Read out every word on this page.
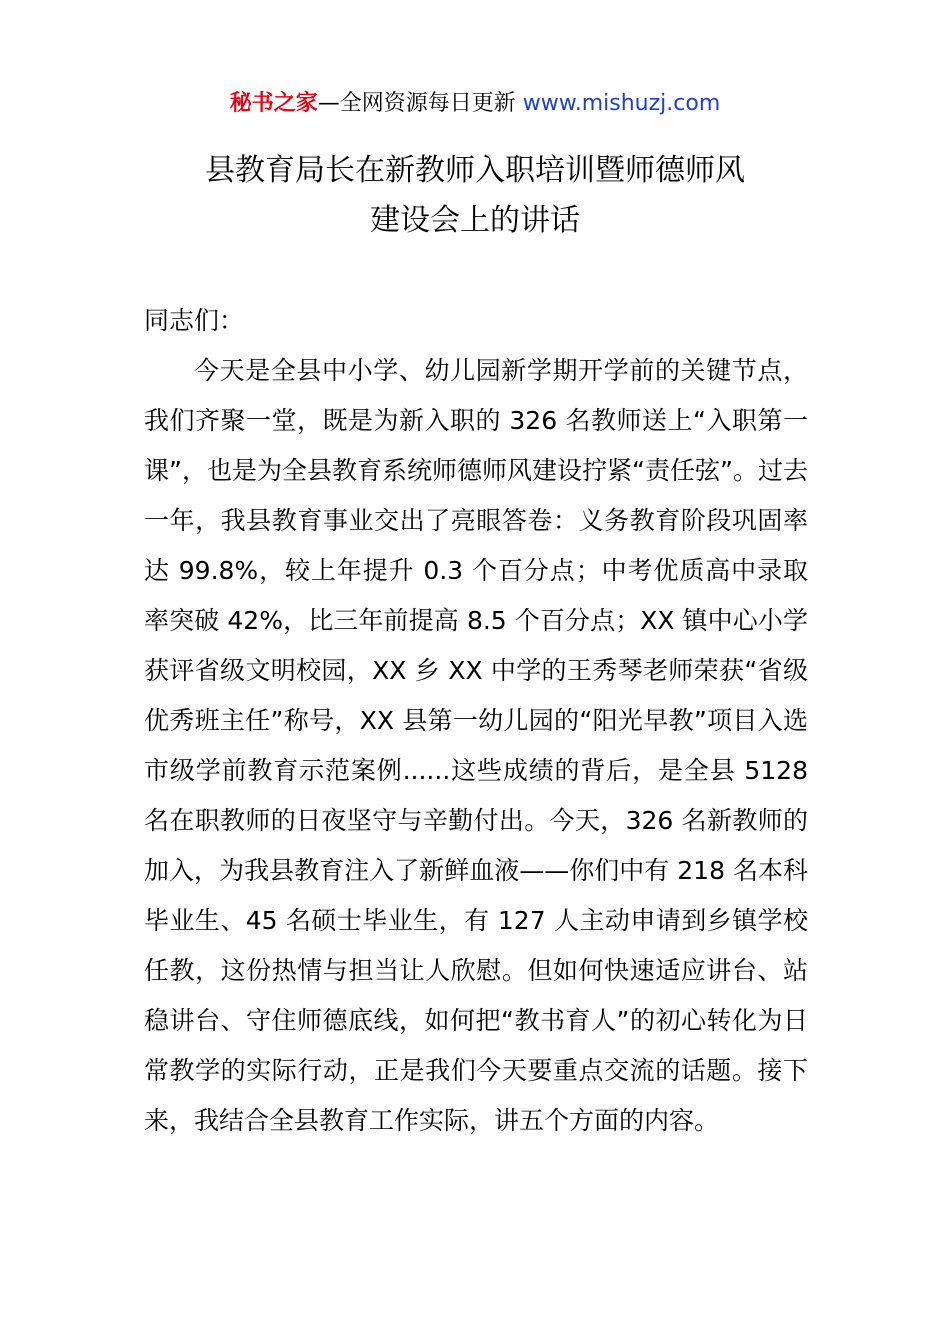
秘书之家—全网资源每日更新 www.mishuzj.com
县教育局长在新教师入职培训暨师德师风
建设会上的讲话

同志们：

今天是全县中小学、幼儿园新学期开学前的关键节点，我们齐聚一堂，既是为新入职的 326 名教师送上“入职第一课”，也是为全县教育系统师德师风建设拧紧“责任弦”。过去一年，我县教育事业交出了亮眼答卷：义务教育阶段巩固率达 99.8%，较上年提升 0.3 个百分点；中考优质高中录取率突破 42%，比三年前提高 8.5 个百分点；XX 镇中心小学获评省级文明校园，XX 乡 XX 中学的王秀琴老师荣获“省级优秀班主任”称号，XX 县第一幼儿园的“阳光早教”项目入选市级学前教育示范案例......这些成绩的背后，是全县 5128 名在职教师的日夜坚守与辛勤付出。今天，326 名新教师的加入，为我县教育注入了新鲜血液——你们中有 218 名本科毕业生、45 名硕士毕业生，有 127 人主动申请到乡镇学校任教，这份热情与担当让人欣慰。但如何快速适应讲台、站稳讲台、守住师德底线，如何把“教书育人”的初心转化为日常教学的实际行动，正是我们今天要重点交流的话题。接下来，我结合全县教育工作实际，讲五个方面的内容。
